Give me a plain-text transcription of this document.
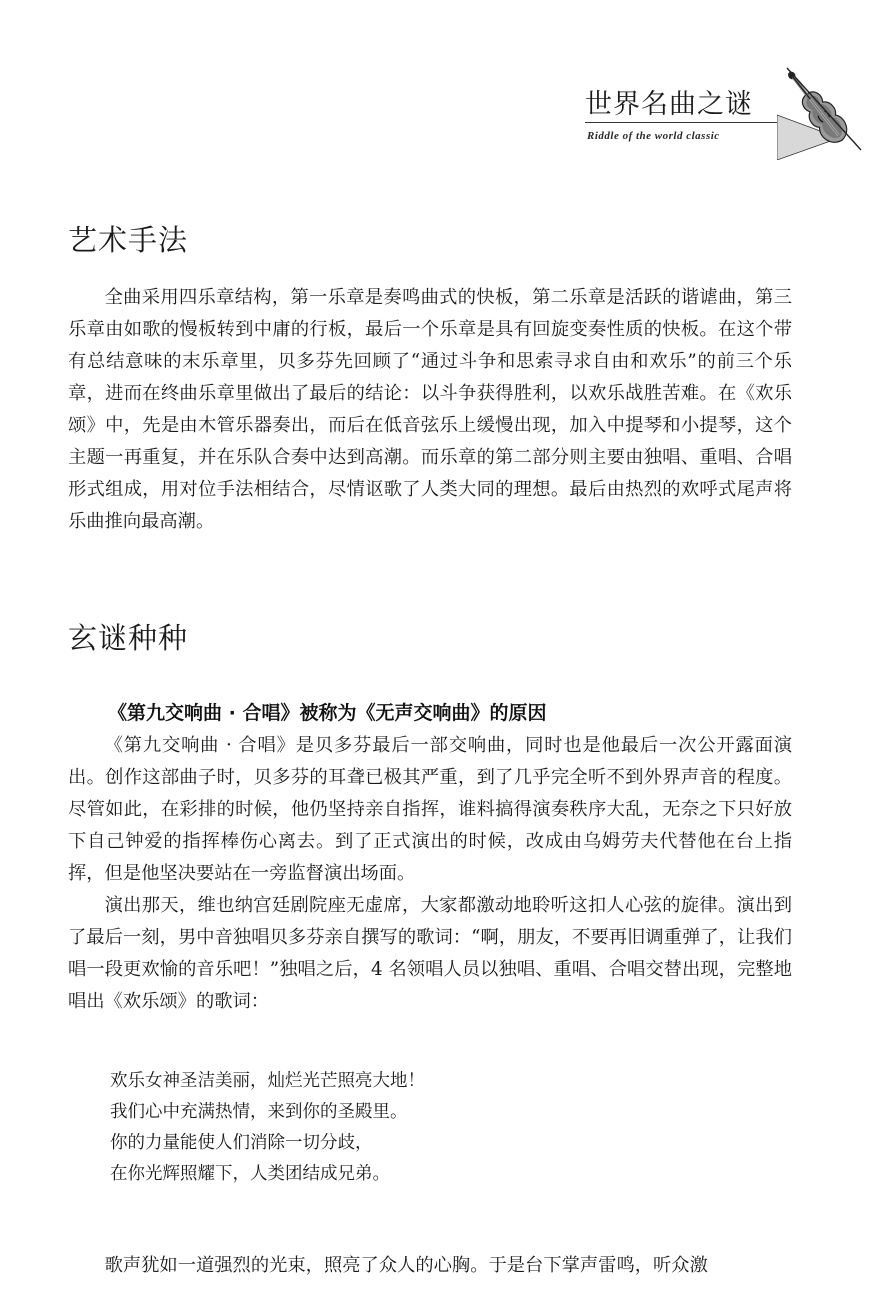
世界名曲之谜
Riddle of the world classic
艺术手法

全曲采用四乐章结构，第一乐章是奏鸣曲式的快板，第二乐章是活跃的谐谑曲，第三乐章由如歌的慢板转到中庸的行板，最后一个乐章是具有回旋变奏性质的快板。在这个带有总结意味的末乐章里，贝多芬先回顾了“通过斗争和思索寻求自由和欢乐”的前三个乐章，进而在终曲乐章里做出了最后的结论：以斗争获得胜利，以欢乐战胜苦难。在《欢乐颂》中，先是由木管乐器奏出，而后在低音弦乐上缓慢出现，加入中提琴和小提琴，这个主题一再重复，并在乐队合奏中达到高潮。而乐章的第二部分则主要由独唱、重唱、合唱形式组成，用对位手法相结合，尽情讴歌了人类大同的理想。最后由热烈的欢呼式尾声将乐曲推向最高潮。

玄谜种种
《第九交响曲 · 合唱》被称为《无声交响曲》的原因

《第九交响曲 · 合唱》是贝多芬最后一部交响曲，同时也是他最后一次公开露面演出。创作这部曲子时，贝多芬的耳聋已极其严重，到了几乎完全听不到外界声音的程度。尽管如此，在彩排的时候，他仍坚持亲自指挥，谁料搞得演奏秩序大乱，无奈之下只好放下自己钟爱的指挥棒伤心离去。到了正式演出的时候，改成由乌姆劳夫代替他在台上指挥，但是他坚决要站在一旁监督演出场面。

演出那天，维也纳宫廷剧院座无虚席，大家都激动地聆听这扣人心弦的旋律。演出到了最后一刻，男中音独唱贝多芬亲自撰写的歌词：“啊，朋友，不要再旧调重弹了，让我们唱一段更欢愉的音乐吧！”独唱之后，4 名领唱人员以独唱、重唱、合唱交替出现，完整地唱出《欢乐颂》的歌词：

欢乐女神圣洁美丽，灿烂光芒照亮大地！
我们心中充满热情，来到你的圣殿里。
你的力量能使人们消除一切分歧，
在你光辉照耀下，人类团结成兄弟。

歌声犹如一道强烈的光束，照亮了众人的心胸。于是台下掌声雷鸣，听众激
